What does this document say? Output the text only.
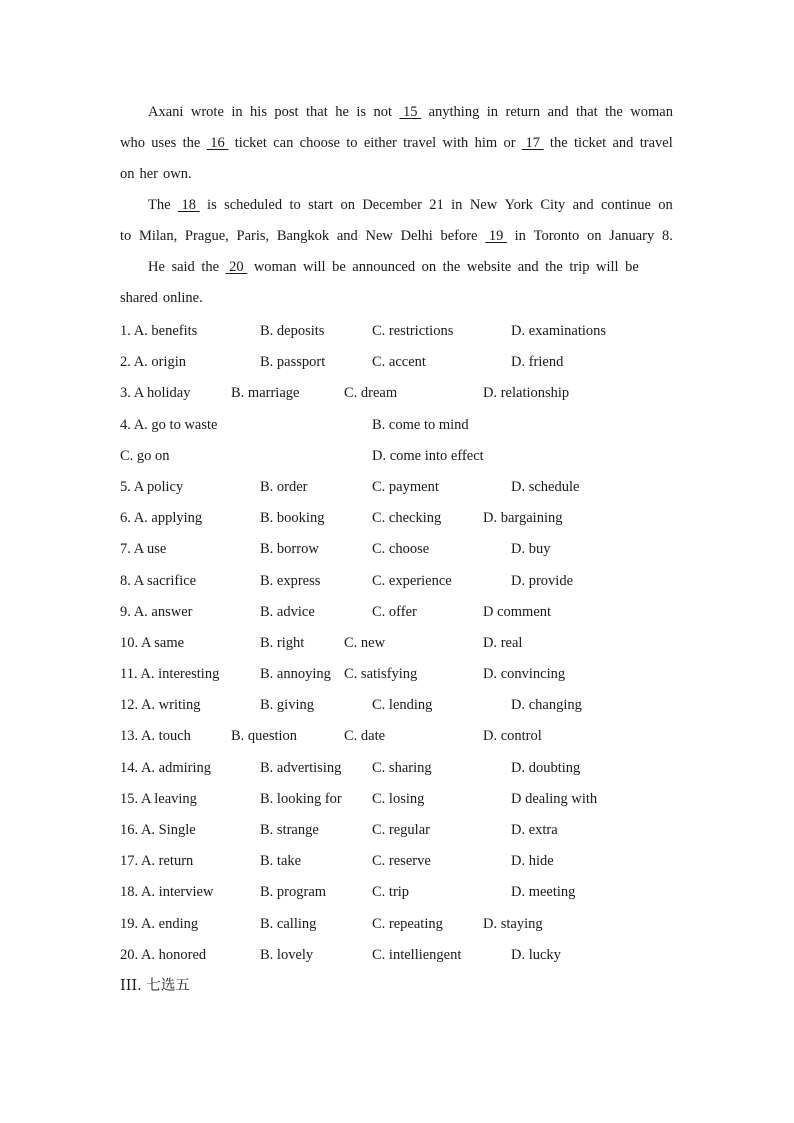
Axani wrote in his post that he is not 15 anything in return and that the woman
who uses the 16 ticket can choose to either travel with him or 17 the ticket and travel
on her own.
The 18 is scheduled to start on December 21 in New York City and continue on
to Milan, Prague, Paris, Bangkok and New Delhi before 19 in Toronto on January 8.
He said the 20 woman will be announced on the website and the trip will be
shared online.
1. A. benefits	B. deposits	C. restrictions	D. examinations
2. A. origin	B. passport	C. accent	D. friend
3. A holiday	B. marriage	C. dream	D. relationship
4. A. go to waste	B. come to mind
C. go on	D. come into effect
5. A policy	B. order	C. payment	D. schedule
6. A. applying	B. booking	C. checking	D. bargaining
7. A use	B. borrow	C. choose	D. buy
8. A sacrifice	B. express	C. experience	D. provide
9. A. answer	B. advice	C. offer	D comment
10. A same	B. right	C. new	D. real
11. A. interesting	B. annoying C. satisfying	D. convincing
12. A. writing	B. giving	C. lending	D. changing
13. A. touch	B. question	C. date	D. control
14. A. admiring	B. advertising C. sharing	D. doubting
15. A leaving	B. looking for C. losing	D dealing with
16. A. Single	B. strange	C. regular	D. extra
17. A. return	B. take	C. reserve	D. hide
18. A. interview	B. program	C. trip	D. meeting
19. A. ending	B. calling	C. repeating	D. staying
20. A. honored	B. lovely	C. intelliengent	D. lucky
III. 七选五
